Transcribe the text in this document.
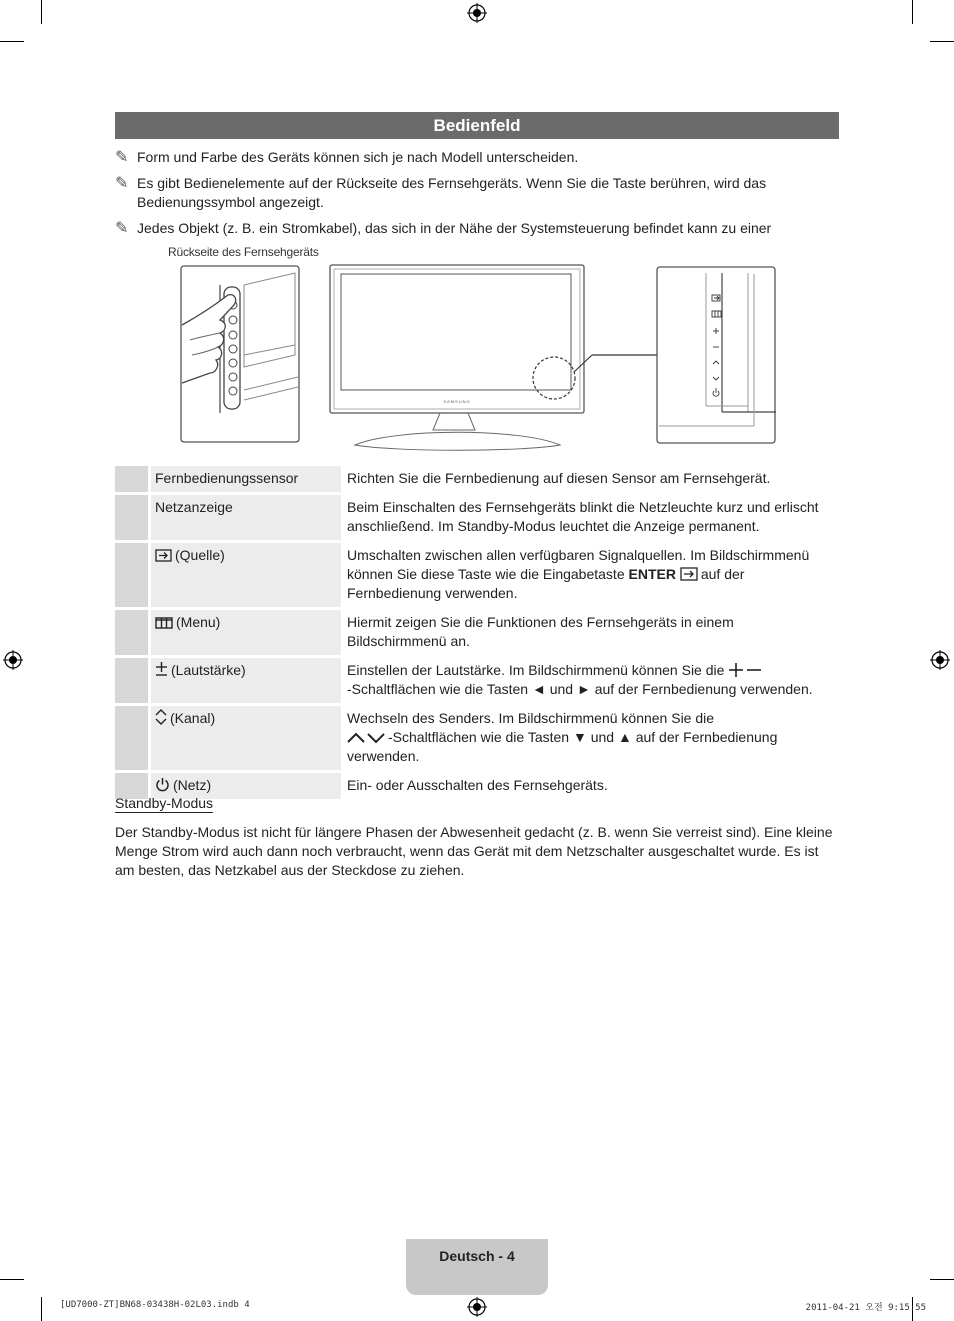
Bedienfeld
✎ Form und Farbe des Geräts können sich je nach Modell unterscheiden.
✎ Es gibt Bedienelemente auf der Rückseite des Fernsehgeräts. Wenn Sie die Taste berühren, wird das Bedienungssymbol angezeigt.
✎ Jedes Objekt (z. B. ein Stromkabel), das sich in der Nähe der Systemsteuerung befindet kann zu einer
Rückseite des Fernsehgeräts
SAMSUNG
	Fernbedienungssensor	Richten Sie die Fernbedienung auf diesen Sensor am Fernsehgerät.
	Netzanzeige	Beim Einschalten des Fernsehgeräts blinkt die Netzleuchte kurz und erlischt anschließend. Im Standby-Modus leuchtet die Anzeige permanent.
	(Quelle)	Umschalten zwischen allen verfügbaren Signalquellen. Im Bildschirmmenü können Sie diese Taste wie die Eingabetaste ENTER auf der Fernbedienung verwenden.
	(Menu)	Hiermit zeigen Sie die Funktionen des Fernsehgeräts in einem Bildschirmmenü an.
	(Lautstärke)	Einstellen der Lautstärke. Im Bildschirmmenü können Sie die
-Schaltflächen wie die Tasten ◄ und ► auf der Fernbedienung verwenden.
	(Kanal)	Wechseln des Senders. Im Bildschirmmenü können Sie die
-Schaltflächen wie die Tasten ▼ und ▲ auf der Fernbedienung verwenden.
	(Netz)	Ein- oder Ausschalten des Fernsehgeräts.
Standby-Modus
Der Standby-Modus ist nicht für längere Phasen der Abwesenheit gedacht (z. B. wenn Sie verreist sind). Eine kleine Menge Strom wird auch dann noch verbraucht, wenn das Gerät mit dem Netzschalter ausgeschaltet wurde. Es ist am besten, das Netzkabel aus der Steckdose zu ziehen.
Deutsch - 4
[UD7000-ZT]BN68-03438H-02L03.indb 4	2011-04-21 오전 9:15:55
